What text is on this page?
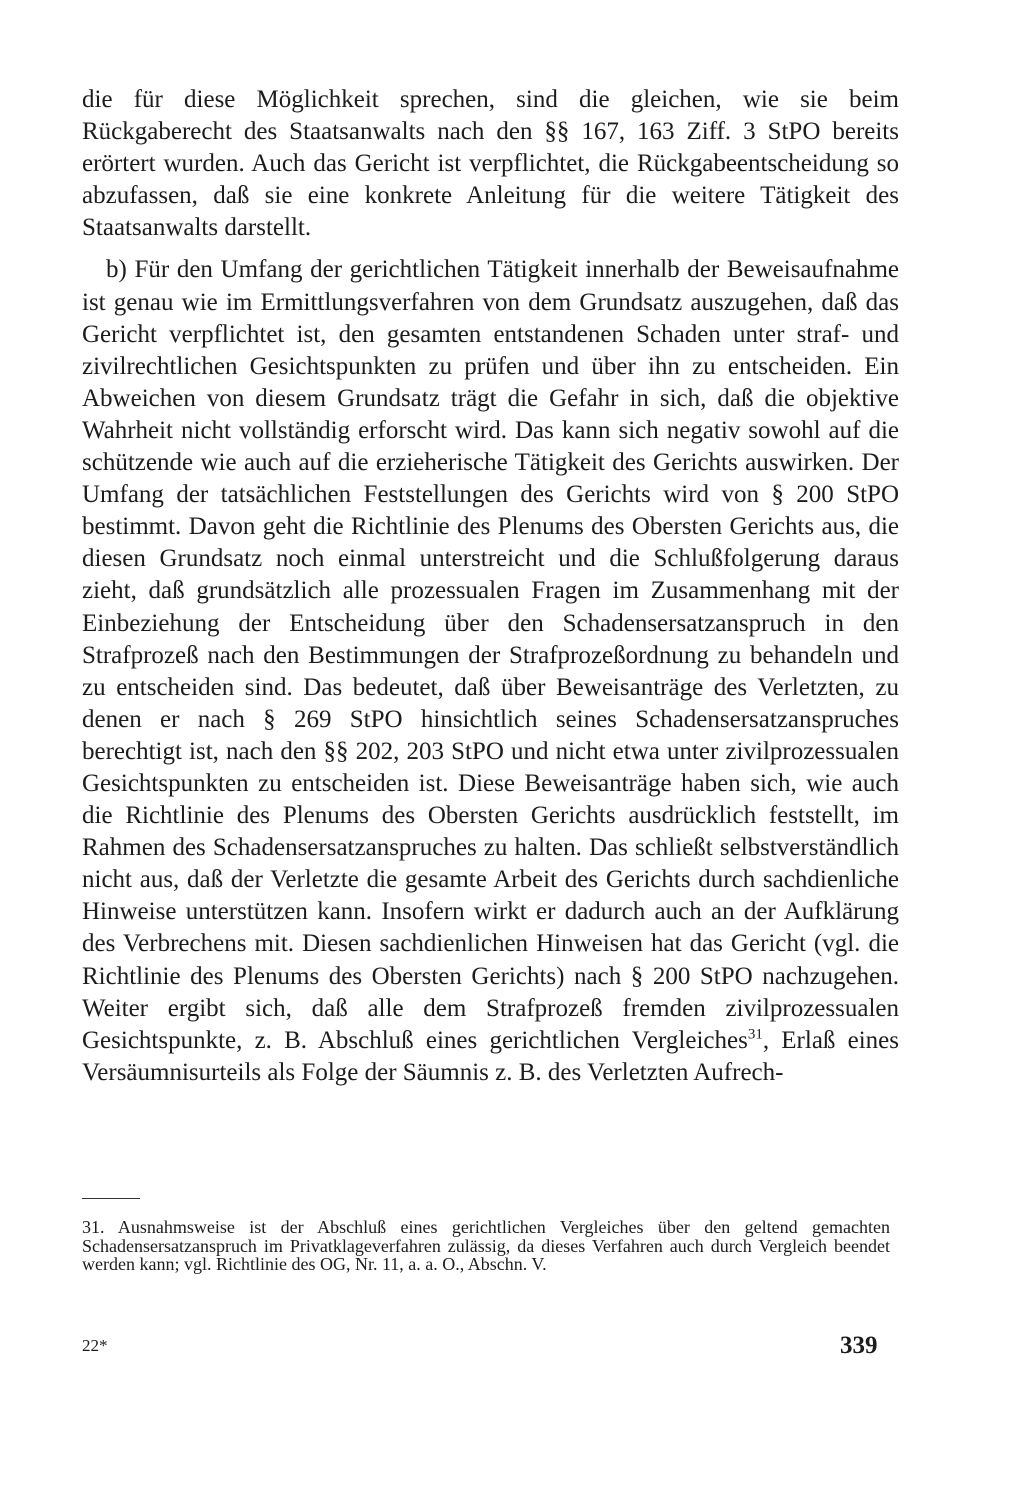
die für diese Möglichkeit sprechen, sind die gleichen, wie sie beim Rückgaberecht des Staatsanwalts nach den §§ 167, 163 Ziff. 3 StPO bereits erörtert wurden. Auch das Gericht ist verpflichtet, die Rückgabeentscheidung so abzufassen, daß sie eine konkrete Anleitung für die weitere Tätigkeit des Staatsanwalts darstellt.

b) Für den Umfang der gerichtlichen Tätigkeit innerhalb der Beweisaufnahme ist genau wie im Ermittlungsverfahren von dem Grundsatz auszugehen, daß das Gericht verpflichtet ist, den gesamten entstandenen Schaden unter straf- und zivilrechtlichen Gesichtspunkten zu prüfen und über ihn zu entscheiden. Ein Abweichen von diesem Grundsatz trägt die Gefahr in sich, daß die objektive Wahrheit nicht vollständig erforscht wird. Das kann sich negativ sowohl auf die schützende wie auch auf die erzieherische Tätigkeit des Gerichts auswirken. Der Umfang der tatsächlichen Feststellungen des Gerichts wird von § 200 StPO bestimmt. Davon geht die Richtlinie des Plenums des Obersten Gerichts aus, die diesen Grundsatz noch einmal unterstreicht und die Schlußfolgerung daraus zieht, daß grundsätzlich alle prozessualen Fragen im Zusammenhang mit der Einbeziehung der Entscheidung über den Schadensersatzanspruch in den Strafprozeß nach den Bestimmungen der Strafprozeßordnung zu behandeln und zu entscheiden sind. Das bedeutet, daß über Beweisanträge des Verletzten, zu denen er nach § 269 StPO hinsichtlich seines Schadensersatzanspruches berechtigt ist, nach den §§ 202, 203 StPO und nicht etwa unter zivilprozessualen Gesichtspunkten zu entscheiden ist. Diese Beweisanträge haben sich, wie auch die Richtlinie des Plenums des Obersten Gerichts ausdrücklich feststellt, im Rahmen des Schadensersatzanspruches zu halten. Das schließt selbstverständlich nicht aus, daß der Verletzte die gesamte Arbeit des Gerichts durch sachdienliche Hinweise unterstützen kann. Insofern wirkt er dadurch auch an der Aufklärung des Verbrechens mit. Diesen sachdienlichen Hinweisen hat das Gericht (vgl. die Richtlinie des Plenums des Obersten Gerichts) nach § 200 StPO nachzugehen. Weiter ergibt sich, daß alle dem Strafprozeß fremden zivilprozessualen Gesichtspunkte, z. B. Abschluß eines gerichtlichen Vergleiches$^{31}$, Erlaß eines Versäumnisurteils als Folge der Säumnis z. B. des Verletzten Aufrech-

31. Ausnahmsweise ist der Abschluß eines gerichtlichen Vergleiches über den geltend gemachten Schadensersatzanspruch im Privatklageverfahren zulässig, da dieses Verfahren auch durch Vergleich beendet werden kann; vgl. Richtlinie des OG, Nr. 11, a. a. O., Abschn. V.

22*	339
